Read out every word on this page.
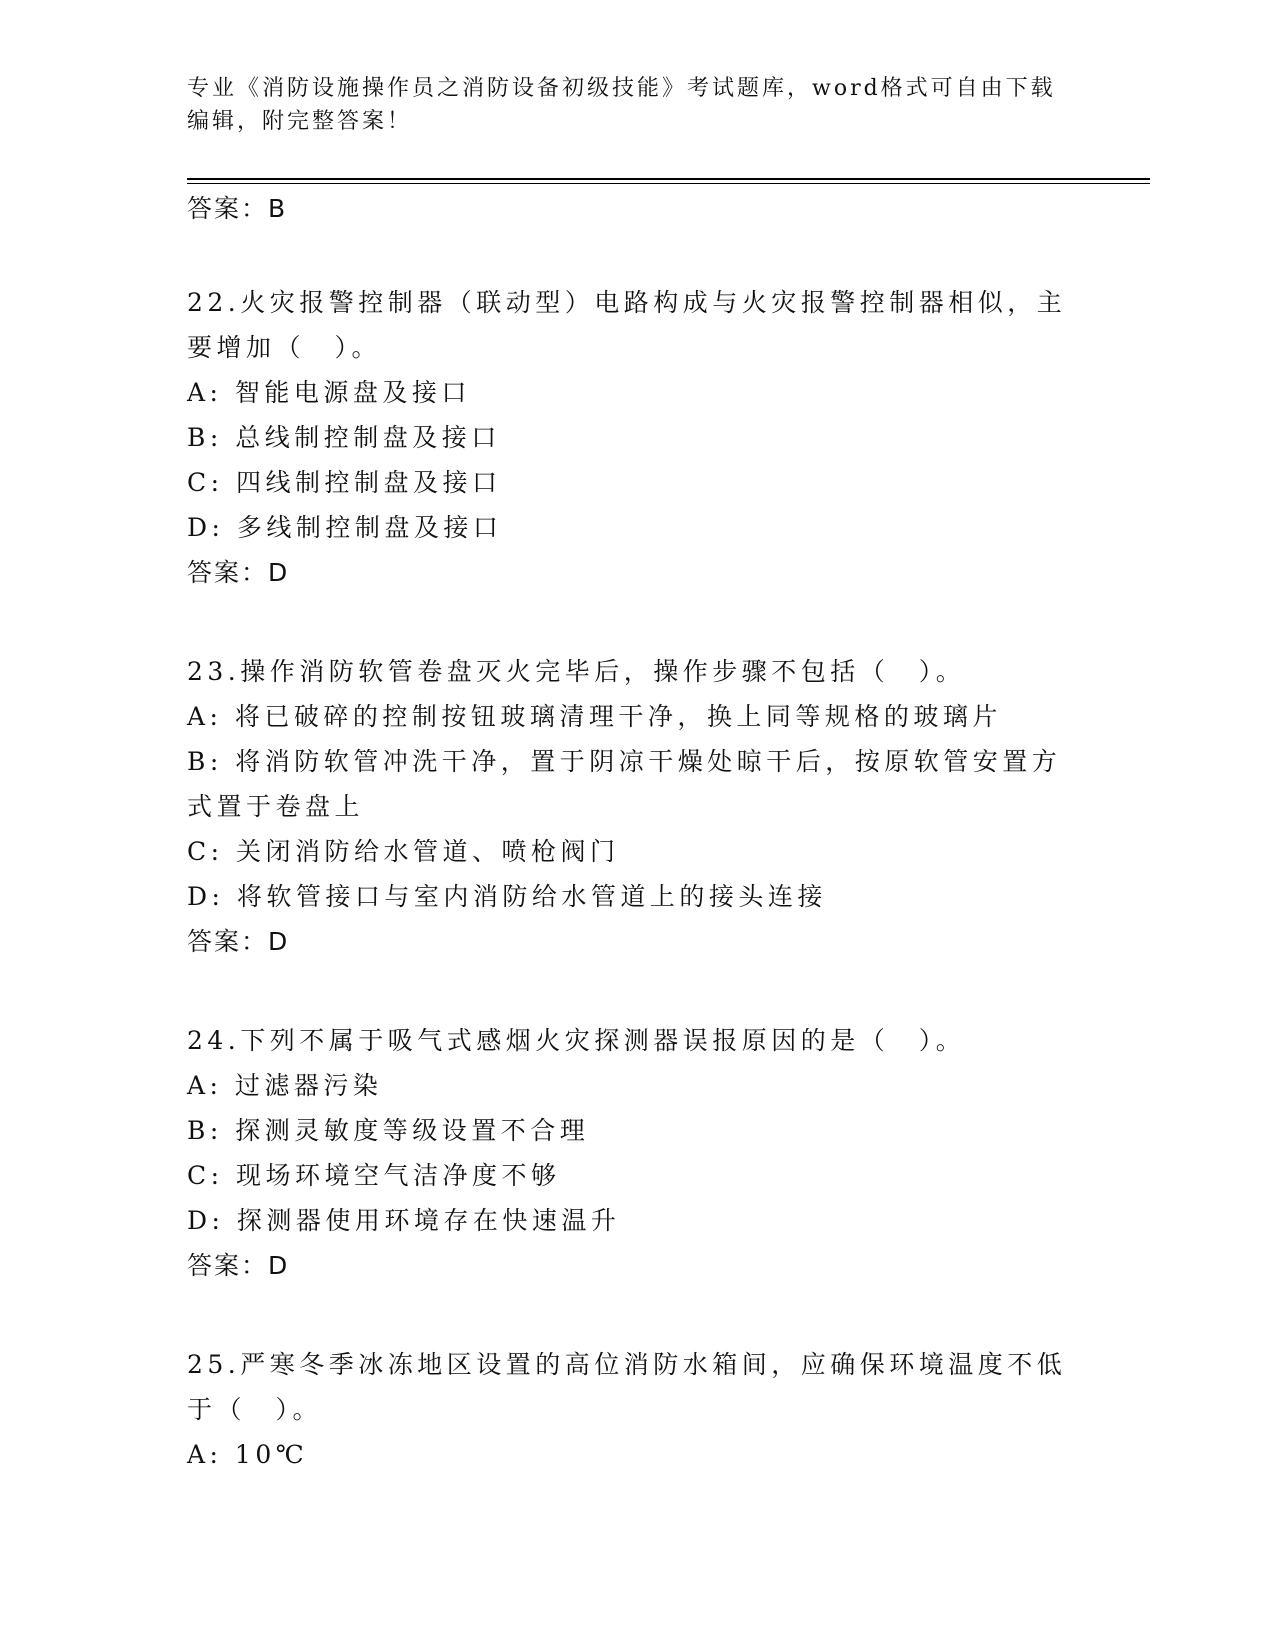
专业《消防设施操作员之消防设备初级技能》考试题库，word格式可自由下载编辑，附完整答案！
答案：B

22.火灾报警控制器（联动型）电路构成与火灾报警控制器相似，主要增加（　）。

A: 智能电源盘及接口

B: 总线制控制盘及接口

C: 四线制控制盘及接口

D: 多线制控制盘及接口

答案：D

23.操作消防软管卷盘灭火完毕后，操作步骤不包括（　）。

A: 将已破碎的控制按钮玻璃清理干净，换上同等规格的玻璃片

B: 将消防软管冲洗干净，置于阴凉干燥处晾干后，按原软管安置方式置于卷盘上

C: 关闭消防给水管道、喷枪阀门

D: 将软管接口与室内消防给水管道上的接头连接

答案：D

24.下列不属于吸气式感烟火灾探测器误报原因的是（　）。

A: 过滤器污染

B: 探测灵敏度等级设置不合理

C: 现场环境空气洁净度不够

D: 探测器使用环境存在快速温升

答案：D

25.严寒冬季冰冻地区设置的高位消防水箱间，应确保环境温度不低于（　）。

A: 10℃
